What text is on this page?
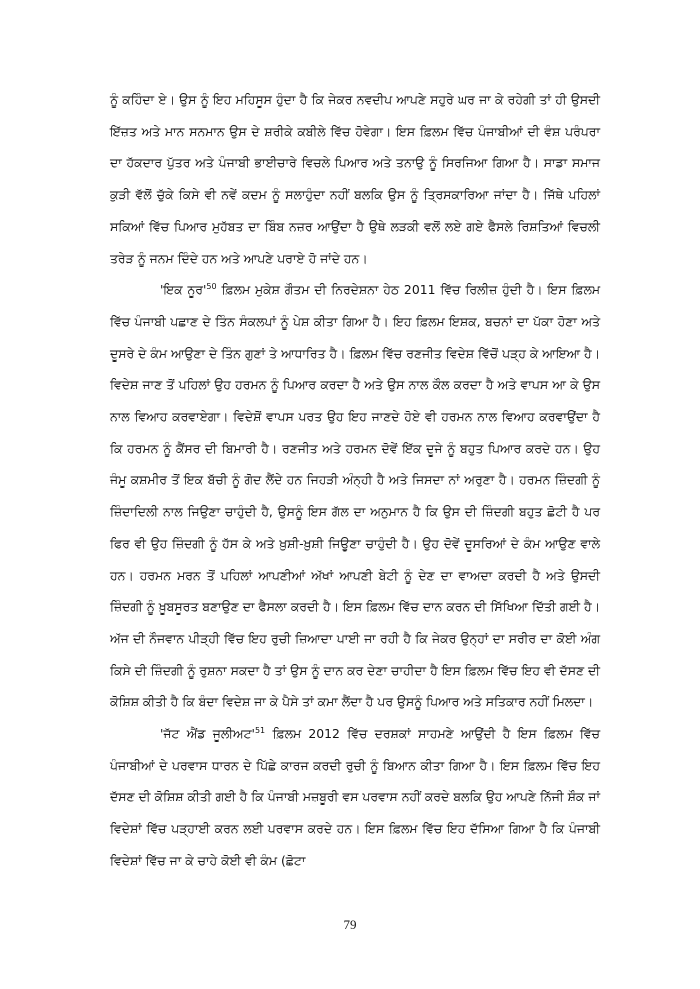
ਨੂੰ ਕਹਿੰਦਾ ਏ। ਉਸ ਨੂੰ ਇਹ ਮਹਿਸੂਸ ਹੁੰਦਾ ਹੈ ਕਿ ਜੇਕਰ ਨਵਦੀਪ ਆਪਣੇ ਸਹੁਰੇ ਘਰ ਜਾ ਕੇ ਰਹੇਗੀ ਤਾਂ ਹੀ ਉਸਦੀ ਇੱਜ਼ਤ ਅਤੇ ਮਾਨ ਸਨਮਾਨ ਉਸ ਦੇ ਸ਼ਰੀਕੇ ਕਬੀਲੇ ਵਿੱਚ ਹੋਵੇਗਾ। ਇਸ ਫ਼ਿਲਮ ਵਿੱਚ ਪੰਜਾਬੀਆਂ ਦੀ ਵੰਸ਼ ਪਰੰਪਰਾ ਦਾ ਹੱਕਦਾਰ ਪੁੱਤਰ ਅਤੇ ਪੰਜਾਬੀ ਭਾਈਚਾਰੇ ਵਿਚਲੇ ਪਿਆਰ ਅਤੇ ਤਨਾਉ ਨੂੰ ਸਿਰਜਿਆ ਗਿਆ ਹੈ। ਸਾਡਾ ਸਮਾਜ ਕੁੜੀ ਵੱਲੋਂ ਚੁੱਕੇ ਕਿਸੇ ਵੀ ਨਵੇਂ ਕਦਮ ਨੂੰ ਸਲਾਹੁੰਦਾ ਨਹੀਂ ਬਲਕਿ ਉਸ ਨੂੰ ਤ੍ਰਿਸਕਾਰਿਆ ਜਾਂਦਾ ਹੈ। ਜਿੱਥੇ ਪਹਿਲਾਂ ਸਕਿਆਂ ਵਿੱਚ ਪਿਆਰ ਮੁਹੱਬਤ ਦਾ ਬਿੰਬ ਨਜ਼ਰ ਆਉਂਦਾ ਹੈ ਉਥੇ ਲੜਕੀ ਵਲੋਂ ਲਏ ਗਏ ਫੈਸਲੇ ਰਿਸ਼ਤਿਆਂ ਵਿਚਲੀ ਤਰੇੜ ਨੂੰ ਜਨਮ ਦਿੰਦੇ ਹਨ ਅਤੇ ਆਪਣੇ ਪਰਾਏ ਹੋ ਜਾਂਦੇ ਹਨ।

'ਇਕ $ਨੂਰ'^{50}$ ਫ਼ਿਲਮ ਮੁਕੇਸ਼ ਗੌਤਮ ਦੀ ਨਿਰਦੇਸ਼ਨਾ ਹੇਠ 2011 ਵਿੱਚ ਰਿਲੀਜ਼ ਹੁੰਦੀ ਹੈ। ਇਸ ਫ਼ਿਲਮ ਵਿੱਚ ਪੰਜਾਬੀ ਪਛਾਣ ਦੇ ਤਿੰਨ ਸੰਕਲਪਾਂ ਨੂੰ ਪੇਸ਼ ਕੀਤਾ ਗਿਆ ਹੈ। ਇਹ ਫ਼ਿਲਮ ਇਸ਼ਕ, ਬਚਨਾਂ ਦਾ ਪੱਕਾ ਹੋਣਾ ਅਤੇ ਦੂਸਰੇ ਦੇ ਕੰਮ ਆਉਣਾ ਦੇ ਤਿੰਨ ਗੁਣਾਂ ਤੇ ਆਧਾਰਿਤ ਹੈ। ਫ਼ਿਲਮ ਵਿੱਚ ਰਣਜੀਤ ਵਿਦੇਸ਼ ਵਿੱਚੋਂ ਪੜ੍ਹ ਕੇ ਆਇਆ ਹੈ। ਵਿਦੇਸ਼ ਜਾਣ ਤੋਂ ਪਹਿਲਾਂ ਉਹ ਹਰਮਨ ਨੂੰ ਪਿਆਰ ਕਰਦਾ ਹੈ ਅਤੇ ਉਸ ਨਾਲ ਕੌਲ ਕਰਦਾ ਹੈ ਅਤੇ ਵਾਪਸ ਆ ਕੇ ਉਸ ਨਾਲ ਵਿਆਹ ਕਰਵਾਏਗਾ। ਵਿਦੇਸ਼ੋਂ ਵਾਪਸ ਪਰਤ ਉਹ ਇਹ ਜਾਣਦੇ ਹੋਏ ਵੀ ਹਰਮਨ ਨਾਲ ਵਿਆਹ ਕਰਵਾਉਂਦਾ ਹੈ ਕਿ ਹਰਮਨ ਨੂੰ ਕੈਂਸਰ ਦੀ ਬਿਮਾਰੀ ਹੈ। ਰਣਜੀਤ ਅਤੇ ਹਰਮਨ ਦੋਵੇਂ ਇੱਕ ਦੂਜੇ ਨੂੰ ਬਹੁਤ ਪਿਆਰ ਕਰਦੇ ਹਨ। ਉਹ ਜੰਮੂ ਕਸ਼ਮੀਰ ਤੋਂ ਇਕ ਬੱਚੀ ਨੂੰ ਗੋਦ ਲੈਂਦੇ ਹਨ ਜਿਹੜੀ ਅੰਨ੍ਹੀ ਹੈ ਅਤੇ ਜਿਸਦਾ ਨਾਂ ਅਰੁਣਾ ਹੈ। ਹਰਮਨ ਜ਼ਿੰਦਗੀ ਨੂੰ ਜ਼ਿੰਦਾਦਿਲੀ ਨਾਲ ਜਿਉਣਾ ਚਾਹੁੰਦੀ ਹੈ, ਉਸਨੂੰ ਇਸ ਗੱਲ ਦਾ ਅਨੁਮਾਨ ਹੈ ਕਿ ਉਸ ਦੀ ਜ਼ਿੰਦਗੀ ਬਹੁਤ ਛੋਟੀ ਹੈ ਪਰ ਫਿਰ ਵੀ ਉਹ ਜ਼ਿੰਦਗੀ ਨੂੰ ਹੱਸ ਕੇ ਅਤੇ ਖ਼ੁਸ਼ੀ-ਖ਼ੁਸ਼ੀ ਜਿਊਣਾ ਚਾਹੁੰਦੀ ਹੈ। ਉਹ ਦੋਵੇਂ ਦੂਸਰਿਆਂ ਦੇ ਕੰਮ ਆਉਣ ਵਾਲੇ ਹਨ। ਹਰਮਨ ਮਰਨ ਤੋਂ ਪਹਿਲਾਂ ਆਪਣੀਆਂ ਅੱਖਾਂ ਆਪਣੀ ਬੇਟੀ ਨੂੰ ਦੇਣ ਦਾ ਵਾਅਦਾ ਕਰਦੀ ਹੈ ਅਤੇ ਉਸਦੀ ਜ਼ਿੰਦਗੀ ਨੂੰ ਖ਼ੂਬਸੂਰਤ ਬਣਾਉਣ ਦਾ ਫੈਸਲਾ ਕਰਦੀ ਹੈ। ਇਸ ਫ਼ਿਲਮ ਵਿੱਚ ਦਾਨ ਕਰਨ ਦੀ ਸਿੱਖਿਆ ਦਿੱਤੀ ਗਈ ਹੈ। ਅੱਜ ਦੀ ਨੌਜਵਾਨ ਪੀੜ੍ਹੀ ਵਿੱਚ ਇਹ ਰੁਚੀ ਜ਼ਿਆਦਾ ਪਾਈ ਜਾ ਰਹੀ ਹੈ ਕਿ ਜੇਕਰ ਉਨ੍ਹਾਂ ਦਾ ਸਰੀਰ ਦਾ ਕੋਈ ਅੰਗ ਕਿਸੇ ਦੀ ਜ਼ਿੰਦਗੀ ਨੂੰ ਰੁਸ਼ਨਾ ਸਕਦਾ ਹੈ ਤਾਂ ਉਸ ਨੂੰ ਦਾਨ ਕਰ ਦੇਣਾ ਚਾਹੀਦਾ ਹੈ ਇਸ ਫ਼ਿਲਮ ਵਿੱਚ ਇਹ ਵੀ ਦੱਸਣ ਦੀ ਕੋਸ਼ਿਸ਼ ਕੀਤੀ ਹੈ ਕਿ ਬੰਦਾ ਵਿਦੇਸ਼ ਜਾ ਕੇ ਪੈਸੇ ਤਾਂ ਕਮਾ ਲੈਂਦਾ ਹੈ ਪਰ ਉਸਨੂੰ ਪਿਆਰ ਅਤੇ ਸਤਿਕਾਰ ਨਹੀਂ ਮਿਲਦਾ।

'ਜੱਟ ਐਂਡ $ਜੂਲੀਅਟ'^{51}$ ਫ਼ਿਲਮ 2012 ਵਿੱਚ ਦਰਸ਼ਕਾਂ ਸਾਹਮਣੇ ਆਉਂਦੀ ਹੈ ਇਸ ਫ਼ਿਲਮ ਵਿੱਚ ਪੰਜਾਬੀਆਂ ਦੇ ਪਰਵਾਸ ਧਾਰਨ ਦੇ ਪਿੱਛੇ ਕਾਰਜ ਕਰਦੀ ਰੁਚੀ ਨੂੰ ਬਿਆਨ ਕੀਤਾ ਗਿਆ ਹੈ। ਇਸ ਫ਼ਿਲਮ ਵਿੱਚ ਇਹ ਦੱਸਣ ਦੀ ਕੋਸ਼ਿਸ਼ ਕੀਤੀ ਗਈ ਹੈ ਕਿ ਪੰਜਾਬੀ ਮਜ਼ਬੂਰੀ ਵਸ ਪਰਵਾਸ ਨਹੀਂ ਕਰਦੇ ਬਲਕਿ ਉਹ ਆਪਣੇ ਨਿੱਜੀ ਸ਼ੌਕ ਜਾਂ ਵਿਦੇਸ਼ਾਂ ਵਿੱਚ ਪੜ੍ਹਾਈ ਕਰਨ ਲਈ ਪਰਵਾਸ ਕਰਦੇ ਹਨ। ਇਸ ਫ਼ਿਲਮ ਵਿੱਚ ਇਹ ਦੱਸਿਆ ਗਿਆ ਹੈ ਕਿ ਪੰਜਾਬੀ ਵਿਦੇਸ਼ਾਂ ਵਿੱਚ ਜਾ ਕੇ ਚਾਹੇ ਕੋਈ ਵੀ ਕੰਮ (ਛੋਟਾ

79
